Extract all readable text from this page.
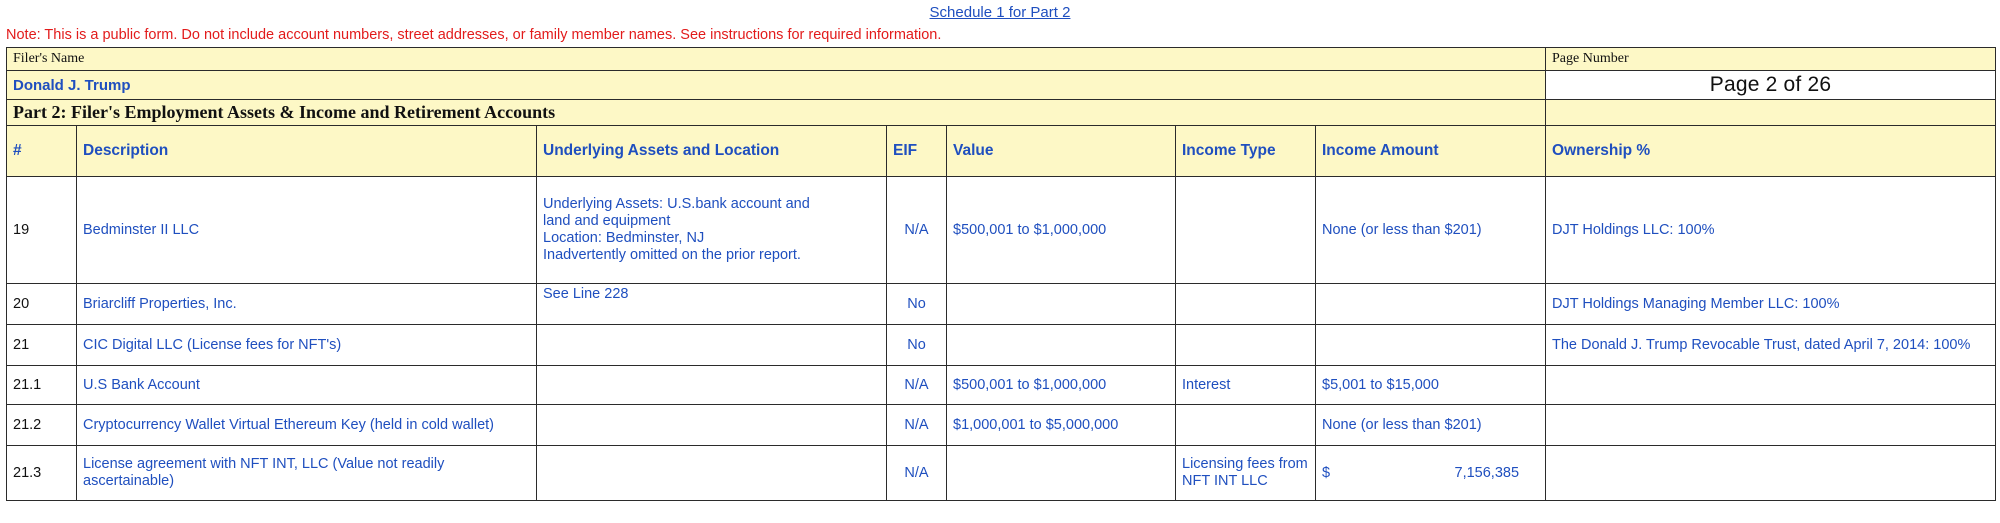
Schedule 1 for Part 2
Note: This is a public form. Do not include account numbers, street addresses, or family member names. See instructions for required information.
Filer's Name							Page Number
Donald J. Trump							Page 2 of 26
Part 2: Filer's Employment Assets & Income and Retirement Accounts							
#	Description	Underlying Assets and Location	EIF	Value	Income Type	Income Amount	Ownership %
19	Bedminster II LLC	Underlying Assets: U.S.bank account and
land and equipment
Location: Bedminster, NJ
Inadvertently omitted on the prior report.	N/A	$500,001 to $1,000,000		None (or less than $201)	DJT Holdings LLC: 100%
20	Briarcliff Properties, Inc.	See Line 228	No				DJT Holdings Managing Member LLC: 100%
21	CIC Digital LLC (License fees for NFT's)		No				The Donald J. Trump Revocable Trust, dated April 7, 2014: 100%
21.1	U.S Bank Account		N/A	$500,001 to $1,000,000	Interest	$5,001 to $15,000	
21.2	Cryptocurrency Wallet Virtual Ethereum Key (held in cold wallet)		N/A	$1,000,001 to $5,000,000		None (or less than $201)	
21.3	License agreement with NFT INT, LLC (Value not readily ascertainable)		N/A		Licensing fees from NFT INT LLC	$ 7,156,385	
